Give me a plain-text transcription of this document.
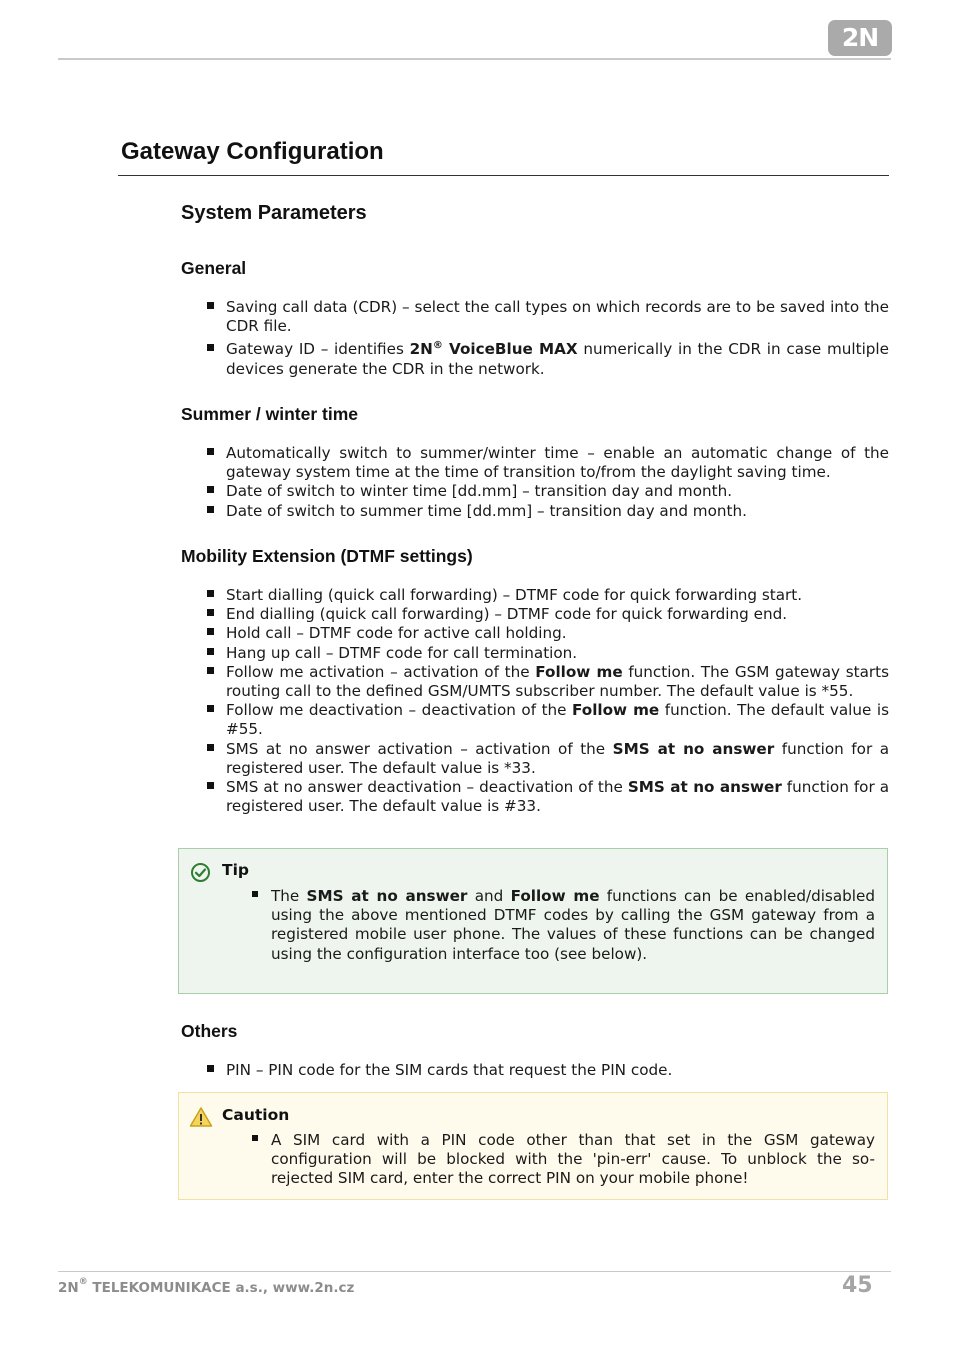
2N
Gateway Configuration
System Parameters
General
Saving call data (CDR) – select the call types on which records are to be saved into the CDR file.
Gateway ID – identifies 2N® VoiceBlue MAX numerically in the CDR in case multiple devices generate the CDR in the network.
Summer / winter time
Automatically switch to summer/winter time – enable an automatic change of the gateway system time at the time of transition to/from the daylight saving time.
Date of switch to winter time [dd.mm] – transition day and month.
Date of switch to summer time [dd.mm] – transition day and month.
Mobility Extension (DTMF settings)
Start dialling (quick call forwarding) – DTMF code for quick forwarding start.
End dialling (quick call forwarding) – DTMF code for quick forwarding end.
Hold call – DTMF code for active call holding.
Hang up call – DTMF code for call termination.
Follow me activation – activation of the Follow me function. The GSM gateway starts routing call to the defined GSM/UMTS subscriber number. The default value is *55.
Follow me deactivation – deactivation of the Follow me function. The default value is #55.
SMS at no answer activation – activation of the SMS at no answer function for a registered user. The default value is *33.
SMS at no answer deactivation – deactivation of the SMS at no answer function for a registered user. The default value is #33.
Tip
The SMS at no answer and Follow me functions can be enabled/disabled using the above mentioned DTMF codes by calling the GSM gateway from a registered mobile user phone. The values of these functions can be changed using the configuration interface too (see below).
Others
PIN – PIN code for the SIM cards that request the PIN code.
Caution
A SIM card with a PIN code other than that set in the GSM gateway configuration will be blocked with the 'pin-err' cause. To unblock the so-rejected SIM card, enter the correct PIN on your mobile phone!
2N® TELEKOMUNIKACE a.s., www.2n.cz	45
